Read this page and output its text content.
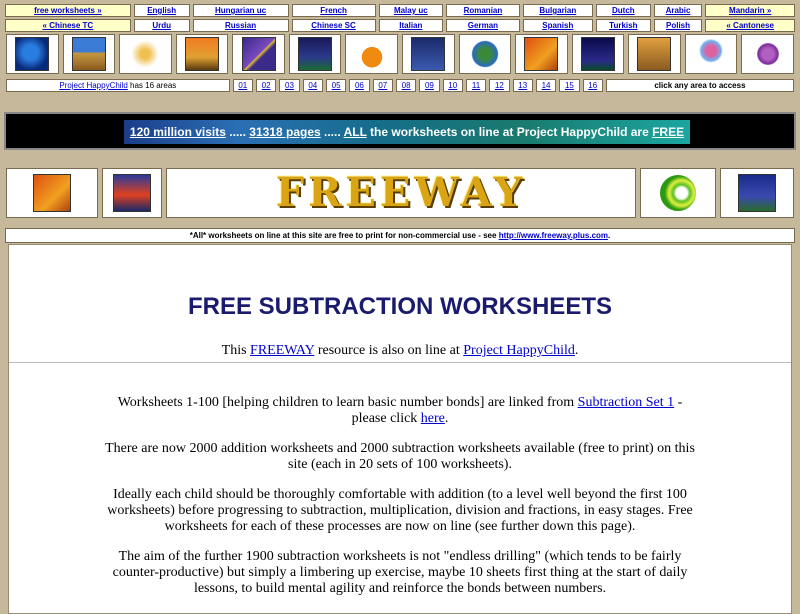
free worksheets »	English	Hungarian uc	French	Malay uc	Romanian	Bulgarian	Dutch	Arabic	Mandarin »
« Chinese TC	Urdu	Russian	Chinese SC	Italian	German	Spanish	Turkish	Polish	« Cantonese

Project HappyChild has 16 areas	01	02	03	04	05	06	07	08	09	10	11	12	13	14	15	16	click any area to access
120 million visits ..... 31318 pages ..... ALL the worksheets on line at Project HappyChild are FREE
FREEWAY
*All* worksheets on line at this site are free to print for non-commercial use - see http://www.freeway.plus.com.
FREE SUBTRACTION WORKSHEETS
This FREEWAY resource is also on line at Project HappyChild.

Worksheets 1-100 [helping children to learn basic number bonds] are linked from Subtraction Set 1 - please click here.

There are now 2000 addition worksheets and 2000 subtraction worksheets available (free to print) on this site (each in 20 sets of 100 worksheets).

Ideally each child should be thoroughly comfortable with addition (to a level well beyond the first 100 worksheets) before progressing to subtraction, multiplication, division and fractions, in easy stages. Free worksheets for each of these processes are now on line (see further down this page).

The aim of the further 1900 subtraction worksheets is not "endless drilling" (which tends to be fairly counter-productive) but simply a limbering up exercise, maybe 10 sheets first thing at the start of daily lessons, to build mental agility and reinforce the bonds between numbers.
